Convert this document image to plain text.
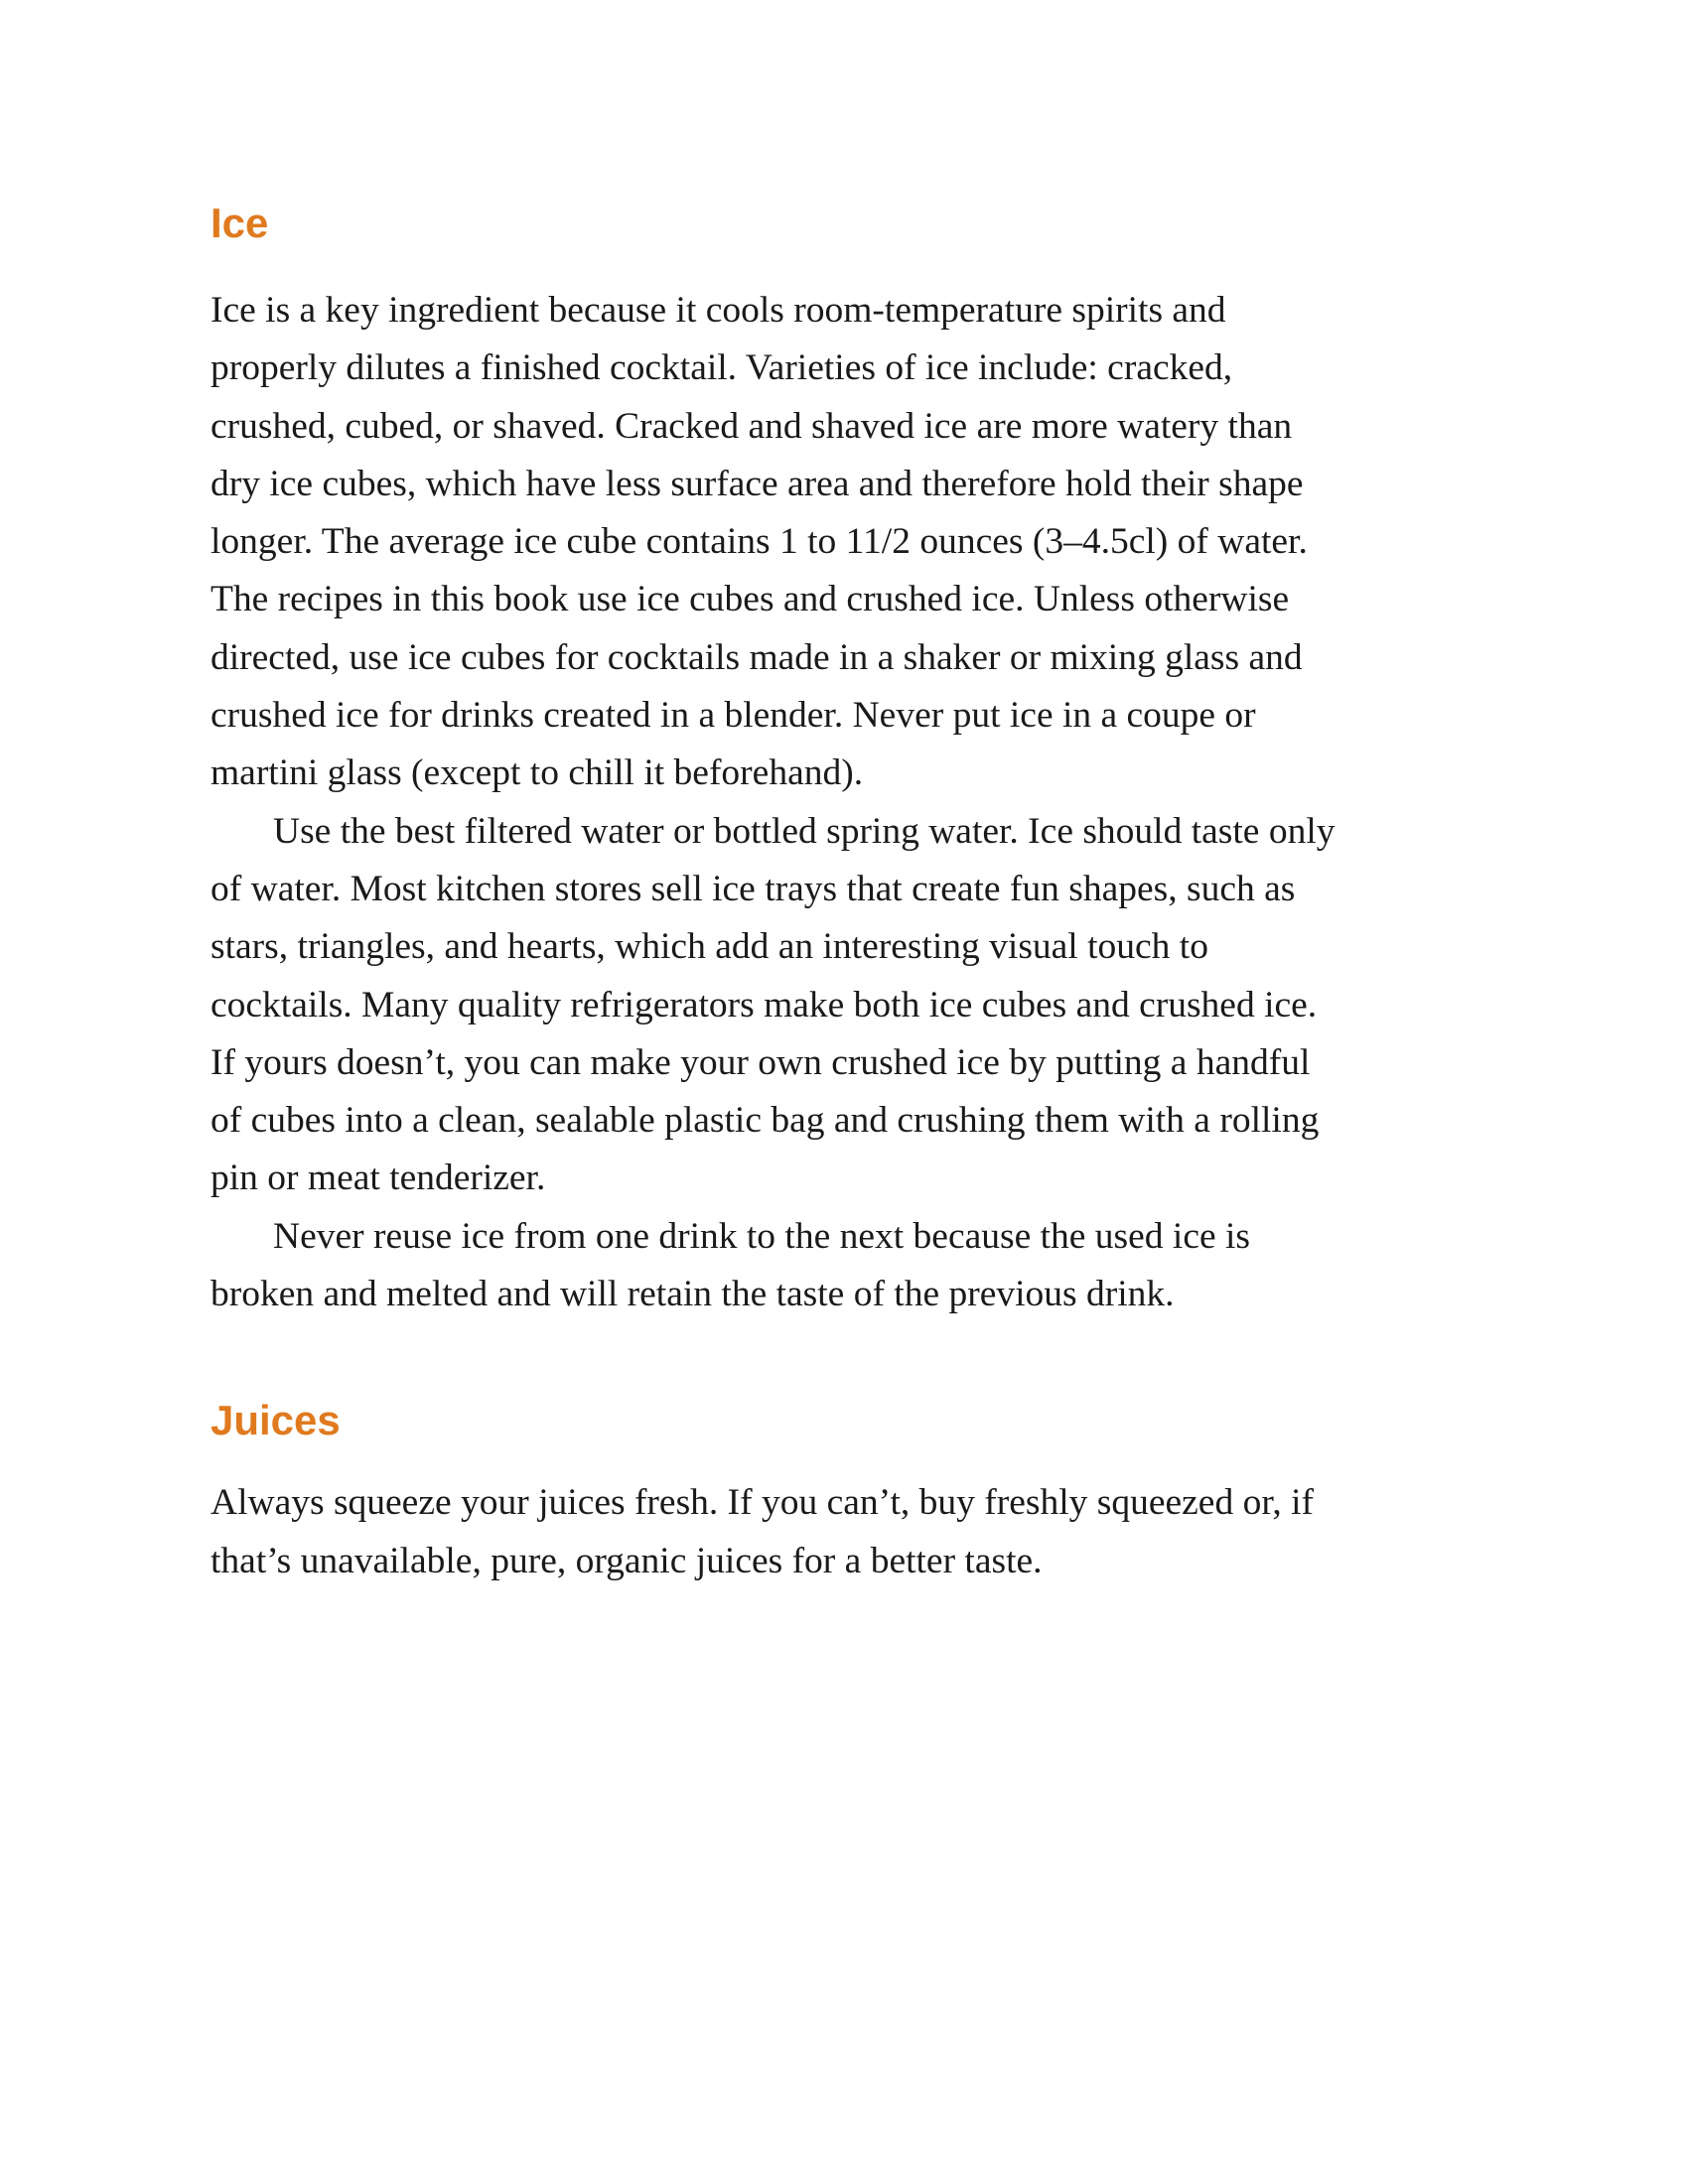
Ice

Ice is a key ingredient because it cools room-temperature spirits and
properly dilutes a finished cocktail. Varieties of ice include: cracked,
crushed, cubed, or shaved. Cracked and shaved ice are more watery than
dry ice cubes, which have less surface area and therefore hold their shape
longer. The average ice cube contains 1 to 11/2 ounces (3–4.5cl) of water.
The recipes in this book use ice cubes and crushed ice. Unless otherwise
directed, use ice cubes for cocktails made in a shaker or mixing glass and
crushed ice for drinks created in a blender. Never put ice in a coupe or
martini glass (except to chill it beforehand).

Use the best filtered water or bottled spring water. Ice should taste only
of water. Most kitchen stores sell ice trays that create fun shapes, such as
stars, triangles, and hearts, which add an interesting visual touch to
cocktails. Many quality refrigerators make both ice cubes and crushed ice.
If yours doesn’t, you can make your own crushed ice by putting a handful
of cubes into a clean, sealable plastic bag and crushing them with a rolling
pin or meat tenderizer.

Never reuse ice from one drink to the next because the used ice is
broken and melted and will retain the taste of the previous drink.

Juices

Always squeeze your juices fresh. If you can’t, buy freshly squeezed or, if
that’s unavailable, pure, organic juices for a better taste.
